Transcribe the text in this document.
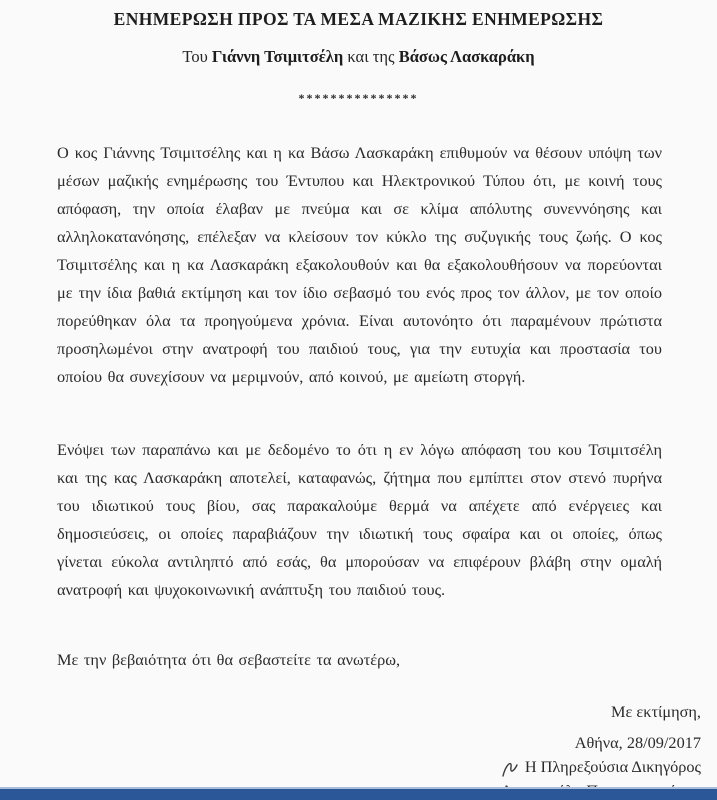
ΕΝΗΜΕΡΩΣΗ ΠΡΟΣ ΤΑ ΜΕΣΑ ΜΑΖΙΚΗΣ ΕΝΗΜΕΡΩΣΗΣ
Του Γιάννη Τσιμιτσέλη και της Βάσως Λασκαράκη
***************

Ο κος Γιάννης Τσιμιτσέλης και η κα Βάσω Λασκαράκη επιθυμούν να θέσουν υπόψη των μέσων μαζικής ενημέρωσης του Έντυπου και Ηλεκτρονικού Τύπου ότι, με κοινή τους απόφαση, την οποία έλαβαν με πνεύμα και σε κλίμα απόλυτης συνεννόησης και αλληλοκατανόησης, επέλεξαν να κλείσουν τον κύκλο της συζυγικής τους ζωής. Ο κος Τσιμιτσέλης και η κα Λασκαράκη εξακολουθούν και θα εξακολουθήσουν να πορεύονται με την ίδια βαθιά εκτίμηση και τον ίδιο σεβασμό του ενός προς τον άλλον, με τον οποίο πορεύθηκαν όλα τα προηγούμενα χρόνια. Είναι αυτονόητο ότι παραμένουν πρώτιστα προσηλωμένοι στην ανατροφή του παιδιού τους, για την ευτυχία και προστασία του οποίου θα συνεχίσουν να μεριμνούν, από κοινού, με αμείωτη στοργή.

Ενόψει των παραπάνω και με δεδομένο το ότι η εν λόγω απόφαση του κου Τσιμιτσέλη και της κας Λασκαράκη αποτελεί, καταφανώς, ζήτημα που εμπίπτει στον στενό πυρήνα του ιδιωτικού τους βίου, σας παρακαλούμε θερμά να απέχετε από ενέργειες και δημοσιεύσεις, οι οποίες παραβιάζουν την ιδιωτική τους σφαίρα και οι οποίες, όπως γίνεται εύκολα αντιληπτό από εσάς, θα μπορούσαν να επιφέρουν βλάβη στην ομαλή ανατροφή και ψυχοκοινωνική ανάπτυξη του παιδιού τους.

Με την βεβαιότητα ότι θα σεβαστείτε τα ανωτέρω,

Με εκτίμηση,
Αθήνα, 28/09/2017
Η Πληρεξούσια Δικηγόρος
